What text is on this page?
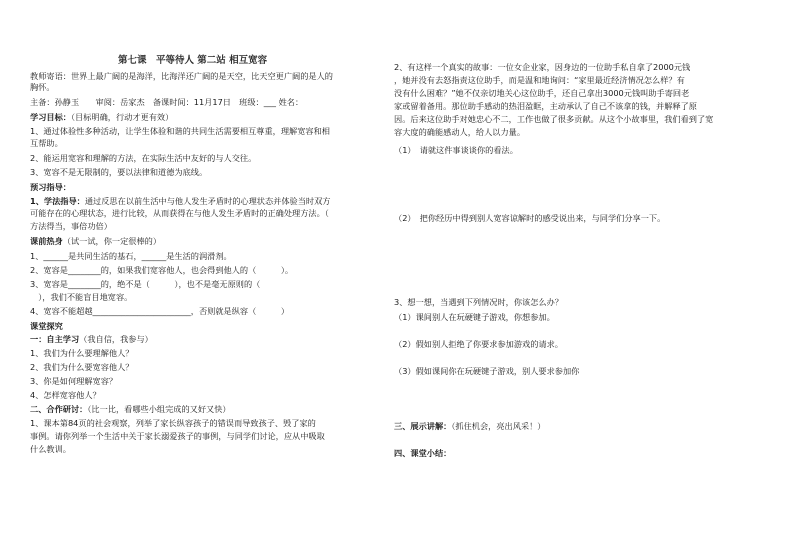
第七课　平等待人 第二站 相互宽容
教师寄语：世界上最广阔的是海洋，比海洋还广阔的是天空，比天空更广阔的是人的
胸怀。
主备：孙静玉　　审阅：岳家杰　备课时间：11月17日　班级：___ 姓名：
学习目标：（目标明确，行动才更有效）
1、通过体验性多种活动，让学生体验和谐的共同生活需要相互尊重，理解宽容和相
互帮助。
2、能运用宽容和理解的方法，在实际生活中友好的与人交往。
3、宽容不是无限制的，要以法律和道德为底线。
预习指导：
1、学法指导：通过反思在以前生活中与他人发生矛盾时的心理状态并体验当时双方
可能存在的心理状态，进行比较，从而获得在与他人发生矛盾时的正确处理方法。（
方法得当，事倍功倍）
课前热身（试一试，你一定很棒的）
1、______是共同生活的基石，______是生活的润滑剂。
2、宽容是________的，如果我们宽容他人，也会得到他人的（　　　）。
3、宽容是________的，绝不是（　　　），也不是毫无原则的（
　），我们不能盲目地宽容。
4、宽容不能超越________________________，否则就是纵容（　　　）
课堂探究
一：自主学习（我自信，我参与）
1、我们为什么要理解他人？
2、我们为什么要宽容他人？
3、你是如何理解宽容？
4、怎样宽容他人？
二、合作研讨：（比一比，看哪些小组完成的又好又快）
1、课本第84页的社会观察，列举了家长纵容孩子的错误而导致孩子、毁了家的
事例。请你列举一个生活中关于家长溺爱孩子的事例，与同学们讨论，应从中吸取
什么教训。
2、有这样一个真实的故事：一位女企业家，因身边的一位助手私自拿了2000元钱
，她并没有去怒指责这位助手，而是温和地询问：“家里最近经济情况怎么样？有
没有什么困难？”她不仅亲切地关心这位助手，还自己拿出3000元钱叫助手寄回老
家或留着备用。那位助手感动的热泪盈眶，主动承认了自己不该拿的钱，并解释了原
因。后来这位助手对她忠心不二，工作也做了很多贡献。从这个小故事里，我们看到了宽
容大度的确能感动人，给人以力量。
（1）　请就这件事谈谈你的看法。
（2）　把你经历中得到别人宽容谅解时的感受说出来，与同学们分享一下。
3、想一想，当遇到下列情况时，你该怎么办？
（1）课间别人在玩硬键子游戏，你想参加。
（2）假如别人拒绝了你要求参加游戏的请求。
（3）假如课间你在玩硬键子游戏，别人要求参加你
三、展示讲解：（抓住机会，亮出风采！）
四、课堂小结：
